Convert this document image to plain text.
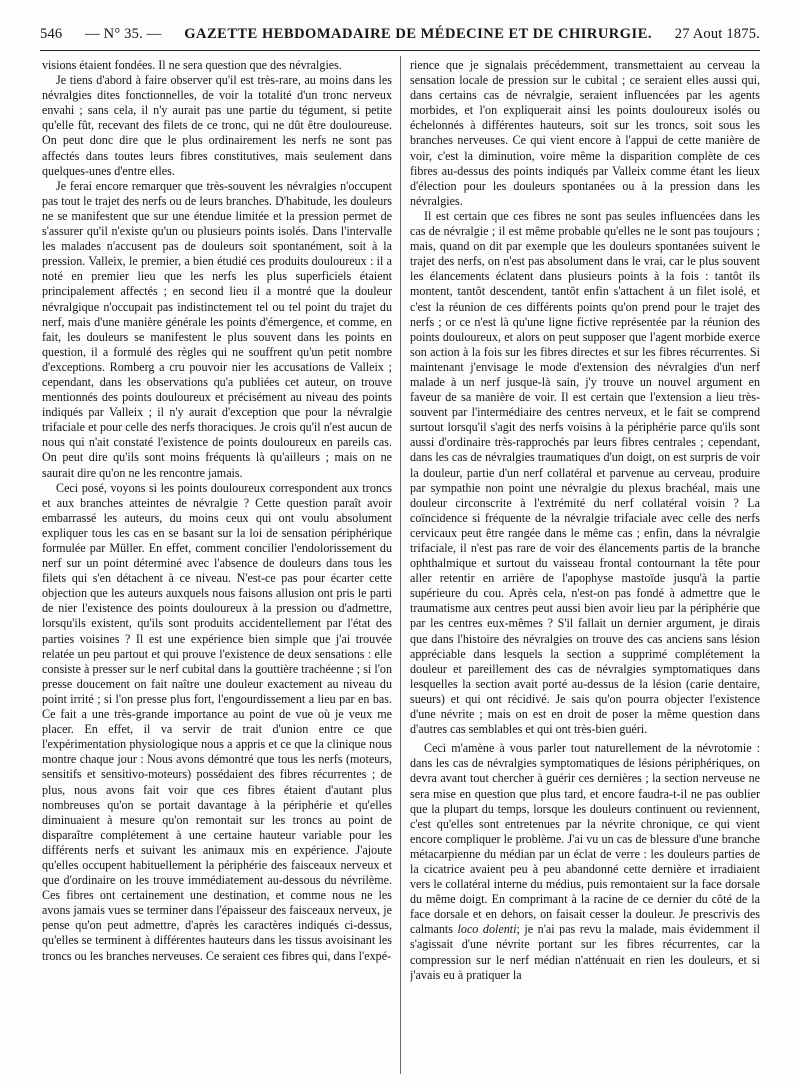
546 — N° 35. — GAZETTE HEBDOMADAIRE DE MÉDECINE ET DE CHIRURGIE. 27 Aout 1875.

visions étaient fondées. Il ne sera question que des névralgies.

Je tiens d'abord à faire observer qu'il est très-rare, au moins dans les névralgies dites fonctionnelles, de voir la totalité d'un tronc nerveux envahi ; sans cela, il n'y aurait pas une partie du tégument, si petite qu'elle fût, recevant des filets de ce tronc, qui ne dût être douloureuse. On peut donc dire que le plus ordinairement les nerfs ne sont pas affectés dans toutes leurs fibres constitutives, mais seulement dans quelques-unes d'entre elles.

Je ferai encore remarquer que très-souvent les névralgies n'occupent pas tout le trajet des nerfs ou de leurs branches. D'habitude, les douleurs ne se manifestent que sur une étendue limitée et la pression permet de s'assurer qu'il n'existe qu'un ou plusieurs points isolés. Dans l'intervalle les malades n'accusent pas de douleurs soit spontanément, soit à la pression. Valleix, le premier, a bien étudié ces produits douloureux : il a noté en premier lieu que les nerfs les plus superficiels étaient principalement affectés ; en second lieu il a montré que la douleur névralgique n'occupait pas indistinctement tel ou tel point du trajet du nerf, mais d'une manière générale les points d'émergence, et comme, en fait, les douleurs se manifestent le plus souvent dans les points en question, il a formulé des règles qui ne souffrent qu'un petit nombre d'exceptions. Romberg a cru pouvoir nier les accusations de Valleix ; cependant, dans les observations qu'a publiées cet auteur, on trouve mentionnés des points douloureux et précisément au niveau des points indiqués par Valleix ; il n'y aurait d'exception que pour la névralgie trifaciale et pour celle des nerfs thoraciques. Je crois qu'il n'est aucun de nous qui n'ait constaté l'existence de points douloureux en pareils cas. On peut dire qu'ils sont moins fréquents là qu'ailleurs ; mais on ne saurait dire qu'on ne les rencontre jamais.

Ceci posé, voyons si les points douloureux correspondent aux troncs et aux branches atteintes de névralgie ? Cette question paraît avoir embarrassé les auteurs, du moins ceux qui ont voulu absolument expliquer tous les cas en se basant sur la loi de sensation périphérique formulée par Müller. En effet, comment concilier l'endolorissement du nerf sur un point déterminé avec l'absence de douleurs dans tous les filets qui s'en détachent à ce niveau. N'est-ce pas pour écarter cette objection que les auteurs auxquels nous faisons allusion ont pris le parti de nier l'existence des points douloureux à la pression ou d'admettre, lorsqu'ils existent, qu'ils sont produits accidentellement par l'état des parties voisines ? Il est une expérience bien simple que j'ai trouvée relatée un peu partout et qui prouve l'existence de deux sensations : elle consiste à presser sur le nerf cubital dans la gouttière trachéenne ; si l'on presse doucement on fait naître une douleur exactement au niveau du point irrité ; si l'on presse plus fort, l'engourdissement a lieu par en bas. Ce fait a une très-grande importance au point de vue où je veux me placer. En effet, il va servir de trait d'union entre ce que l'expérimentation physiologique nous a appris et ce que la clinique nous montre chaque jour : Nous avons démontré que tous les nerfs (moteurs, sensitifs et sensitivo-moteurs) possédaient des fibres récurrentes ; de plus, nous avons fait voir que ces fibres étaient d'autant plus nombreuses qu'on se portait davantage à la périphérie et qu'elles diminuaient à mesure qu'on remontait sur les troncs au point de disparaître complétement à une certaine hauteur variable pour les différents nerfs et suivant les animaux mis en expérience. J'ajoute qu'elles occupent habituellement la périphérie des faisceaux nerveux et que d'ordinaire on les trouve immédiatement au-dessous du névrilème. Ces fibres ont certainement une destination, et comme nous ne les avons jamais vues se terminer dans l'épaisseur des faisceaux nerveux, je pense qu'on peut admettre, d'après les caractères indiqués ci-dessus, qu'elles se terminent à différentes hauteurs dans les tissus avoisinant les troncs ou les branches nerveuses. Ce seraient ces fibres qui, dans l'expé-

rience que je signalais précédemment, transmettaient au cerveau la sensation locale de pression sur le cubital ; ce seraient elles aussi qui, dans certains cas de névralgie, seraient influencées par les agents morbides, et l'on expliquerait ainsi les points douloureux isolés ou échelonnés à différentes hauteurs, soit sur les troncs, soit sous les branches nerveuses. Ce qui vient encore à l'appui de cette manière de voir, c'est la diminution, voire même la disparition complète de ces fibres au-dessus des points indiqués par Valleix comme étant les lieux d'élection pour les douleurs spontanées ou à la pression dans les névralgies.

Il est certain que ces fibres ne sont pas seules influencées dans les cas de névralgie ; il est même probable qu'elles ne le sont pas toujours ; mais, quand on dit par exemple que les douleurs spontanées suivent le trajet des nerfs, on n'est pas absolument dans le vrai, car le plus souvent les élancements éclatent dans plusieurs points à la fois : tantôt ils montent, tantôt descendent, tantôt enfin s'attachent à un filet isolé, et c'est la réunion de ces différents points qu'on prend pour le trajet des nerfs ; or ce n'est là qu'une ligne fictive représentée par la réunion des points douloureux, et alors on peut supposer que l'agent morbide exerce son action à la fois sur les fibres directes et sur les fibres récurrentes. Si maintenant j'envisage le mode d'extension des névralgies d'un nerf malade à un nerf jusque-là sain, j'y trouve un nouvel argument en faveur de sa manière de voir. Il est certain que l'extension a lieu très-souvent par l'intermédiaire des centres nerveux, et le fait se comprend surtout lorsqu'il s'agit des nerfs voisins à la périphérie parce qu'ils sont aussi d'ordinaire très-rapprochés par leurs fibres centrales ; cependant, dans les cas de névralgies traumatiques d'un doigt, on est surpris de voir la douleur, partie d'un nerf collatéral et parvenue au cerveau, produire par sympathie non point une névralgie du plexus brachéal, mais une douleur circonscrite à l'extrémité du nerf collatéral voisin ? La coïncidence si fréquente de la névralgie trifaciale avec celle des nerfs cervicaux peut être rangée dans le même cas ; enfin, dans la névralgie trifaciale, il n'est pas rare de voir des élancements partis de la branche ophthalmique et surtout du vaisseau frontal contournant la tête pour aller retentir en arrière de l'apophyse mastoïde jusqu'à la partie supérieure du cou. Après cela, n'est-on pas fondé à admettre que le traumatisme aux centres peut aussi bien avoir lieu par la périphérie que par les centres eux-mêmes ? S'il fallait un dernier argument, je dirais que dans l'histoire des névralgies on trouve des cas anciens sans lésion appréciable dans lesquels la section a supprimé complétement la douleur et pareillement des cas de névralgies symptomatiques dans lesquelles la section avait porté au-dessus de la lésion (carie dentaire, sueurs) et qui ont récidivé. Je sais qu'on pourra objecter l'existence d'une névrite ; mais on est en droit de poser la même question dans d'autres cas semblables et qui ont très-bien guéri.

Ceci m'amène à vous parler tout naturellement de la névrotomie : dans les cas de névralgies symptomatiques de lésions périphériques, on devra avant tout chercher à guérir ces dernières ; la section nerveuse ne sera mise en question que plus tard, et encore faudra-t-il ne pas oublier que la plupart du temps, lorsque les douleurs continuent ou reviennent, c'est qu'elles sont entretenues par la névrite chronique, ce qui vient encore compliquer le problème. J'ai vu un cas de blessure d'une branche métacarpienne du médian par un éclat de verre : les douleurs parties de la cicatrice avaient peu à peu abandonné cette dernière et irradiaient vers le collatéral interne du médius, puis remontaient sur la face dorsale du même doigt. En comprimant à la racine de ce dernier du côté de la face dorsale et en dehors, on faisait cesser la douleur. Je prescrivis des calmants loco dolenti; je n'ai pas revu la malade, mais évidemment il s'agissait d'une névrite portant sur les fibres récurrentes, car la compression sur le nerf médian n'atténuait en rien les douleurs, et si j'avais eu à pratiquer la
